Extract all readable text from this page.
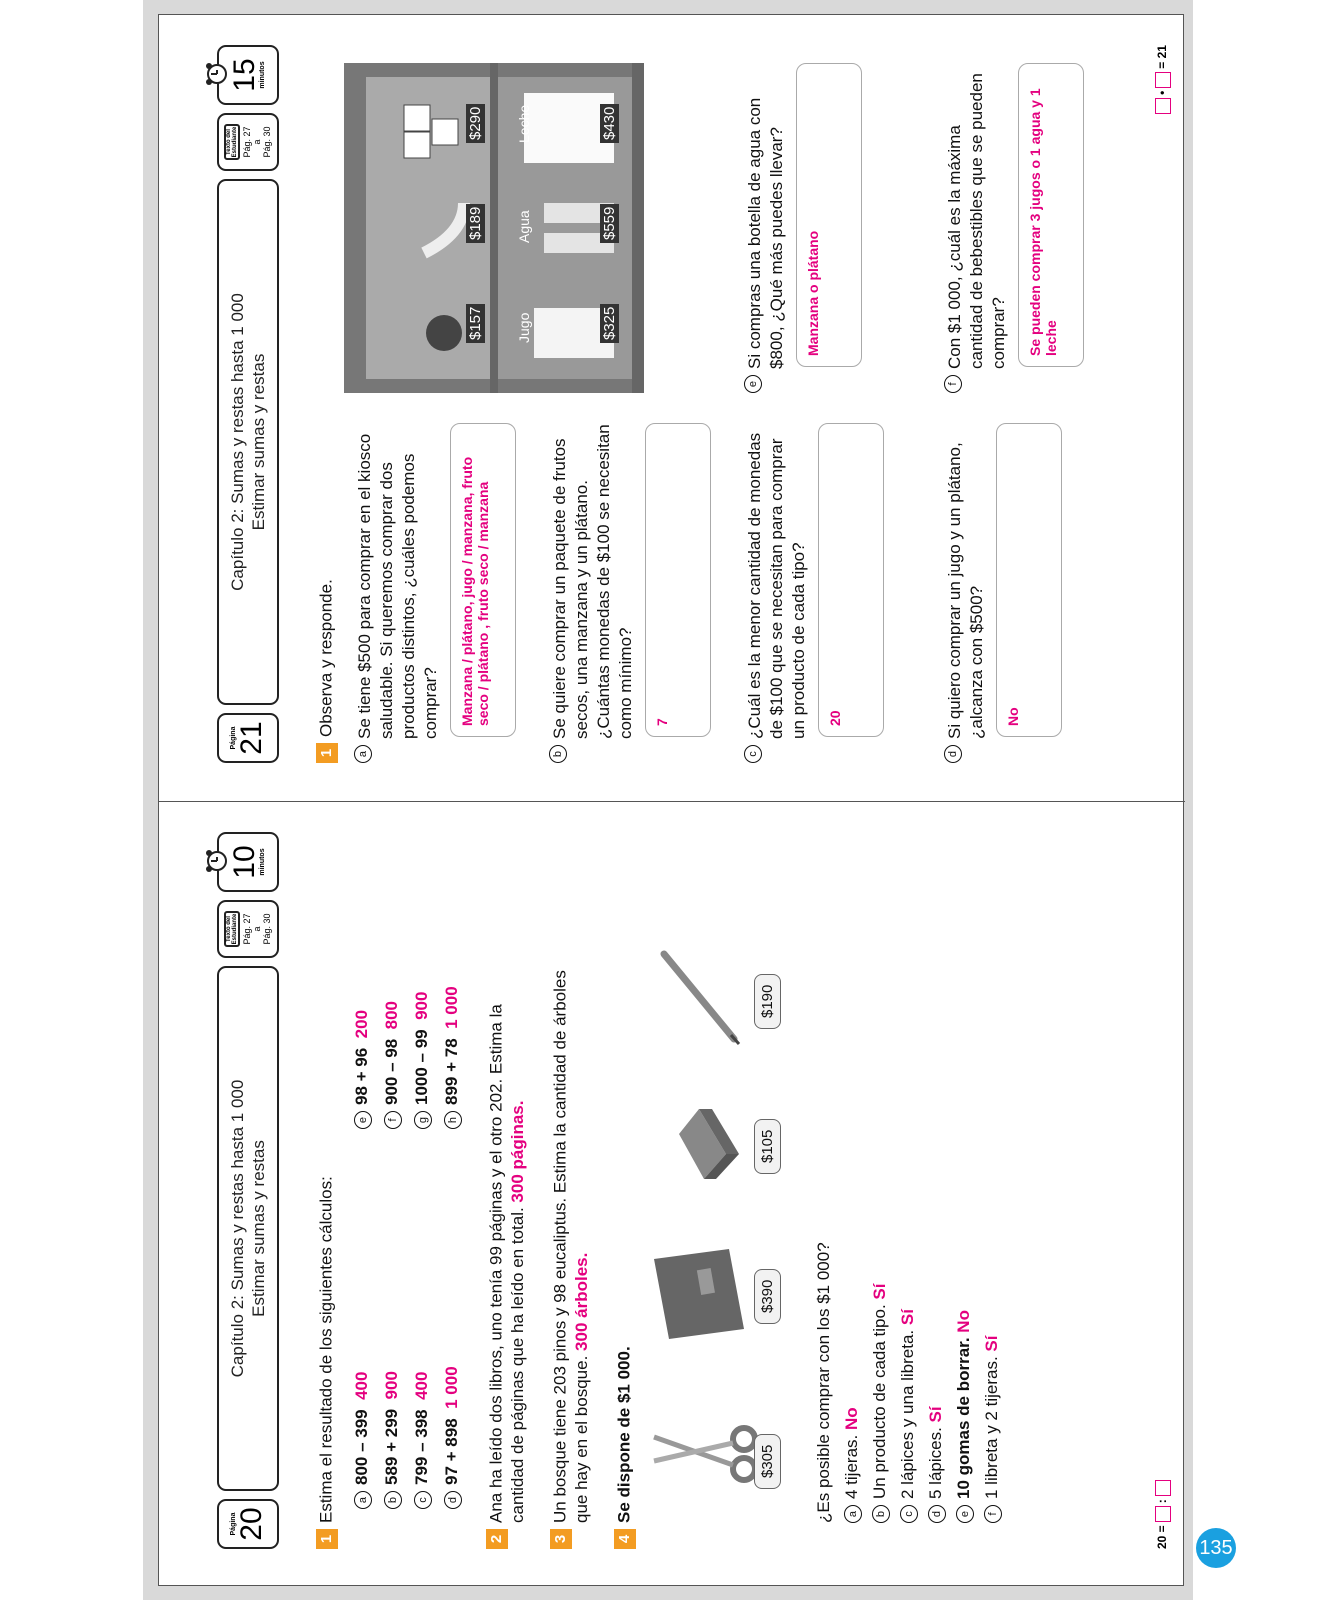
Página
20
Capítulo 2: Sumas y restas hasta 1 000 Estimar sumas y restas
Texto del Estudiante Pág. 27 a Pág. 30
10
minutos
1Estima el resultado de los siguientes cálculos:	a800 – 399  400
b589 + 299  900
c799 – 398  400
d97 + 898  1 000
e98 + 96  200
f900 – 98  800
g1000 – 99  900
h899 + 78  1 000
2Ana ha leído dos libros, uno tenía 99 páginas y el otro 202. Estima la cantidad de páginas que ha leído en total. 300 páginas.
3Un bosque tiene 203 pinos y 98 eucaliptus. Estima la cantidad de árboles que hay en el bosque. 300 árboles.
4Se dispone de $1 000.	$305
$390
$105
$190
¿Es posible comprar con los $1 000?	a4 tijeras. No
bUn producto de cada tipo. Sí
c2 lápices y una libreta. Sí
d5 lápices. Sí
e10 gomas de borrar. No
f1 libreta y 2 tijeras. Sí
20 =:
Página
21
Capítulo 2: Sumas y restas hasta 1 000 Estimar sumas y restas
Texto del Estudiante Pág. 27 a Pág. 30
15
minutos
1Observa y responde.
a
Se tiene $500 para comprar en el kiosco saludable. Si queremos comprar dos productos distintos, ¿cuáles podemos comprar?	Manzana / plátano, jugo / manzana, fruto seco / plátano , fruto seco / manzana
b
Se quiere comprar un paquete de frutos secos, una manzana y un plátano. ¿Cuántas monedas de $100 se necesitan como mínimo?	7
c
¿Cuál es la menor cantidad de monedas de $100 que se necesitan para comprar un producto de cada tipo?	20
d
Si quiero comprar un jugo y un plátano, ¿alcanza con $500?	No
$157
$189
$290
Jugo
Agua
Leche
$325
$559
$430
e
Si compras una botella de agua con $800, ¿Qué más puedes llevar?	Manzana o plátano
f
Con $1 000, ¿cuál es la máxima cantidad de bebestibles que se pueden comprar?	Se pueden comprar 3 jugos o 1 agua y 1 leche
•= 21
135
